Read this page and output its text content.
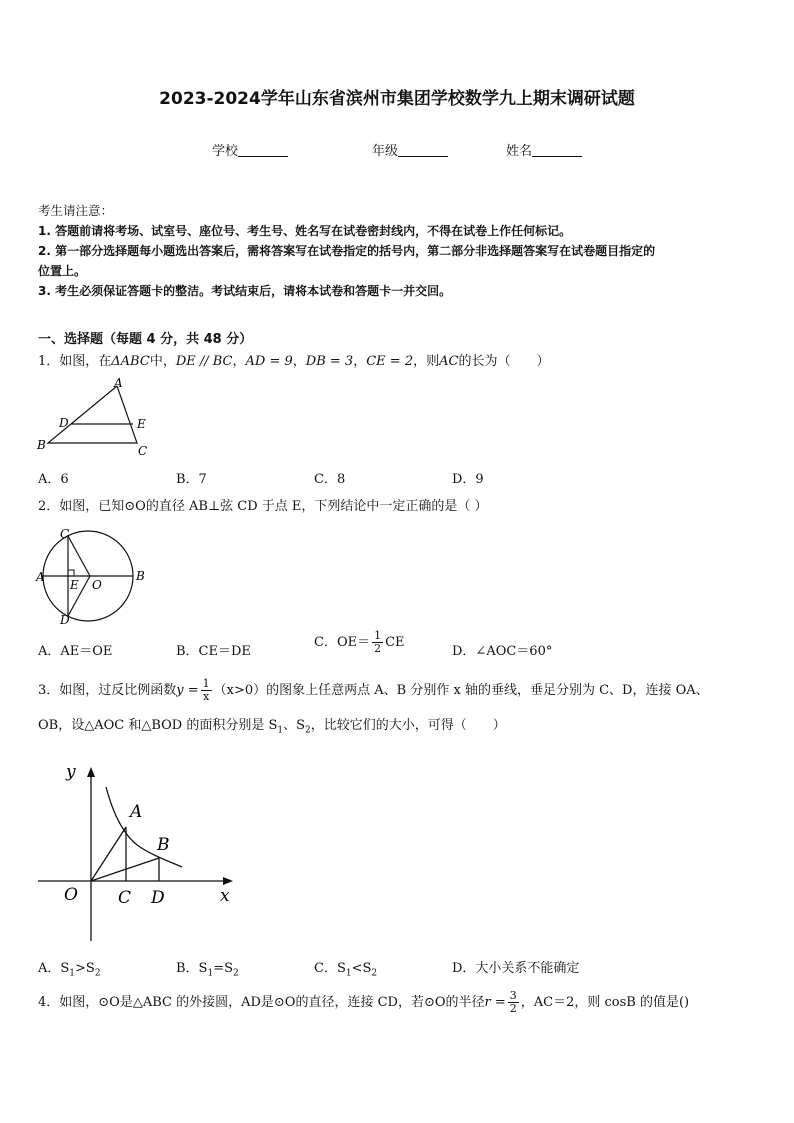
2023-2024学年山东省滨州市集团学校数学九上期末调研试题
学校	年级	姓名
考生请注意：
1. 答题前请将考场、试室号、座位号、考生号、姓名写在试卷密封线内，不得在试卷上作任何标记。
2. 第一部分选择题每小题选出答案后，需将答案写在试卷指定的括号内，第二部分非选择题答案写在试卷题目指定的
位置上。
3. 考生必须保证答题卡的整洁。考试结束后，请将本试卷和答题卡一并交回。
一、选择题（每题 4 分，共 48 分）
1．如图，在ΔABC中，DE // BC，AD = 9，DB = 3，CE = 2，则AC的长为（　　）
A
D	E
B	C
A．6	B．7	C．8	D．9
2．如图，已知⊙O的直径 AB⊥弦 CD 于点 E，下列结论中一定正确的是（ ）
C
A
E O
B
D
A．AE＝OE	B．CE＝DE
C．$OE= \frac{1}{2}$ CE
D．∠AOC＝60°
3．如图，过反比例函数$y = \frac{1}{x} (x>0)$的图象上任意两点 A、B 分别作 x 轴的垂线，垂足分别为 C、D，连接 OA、
OB，设△AOC 和△BOD 的面积分别是 $S_1$、$S_2$，比较它们的大小，可得（　　）
y
A
B
O C D	x
A．$S_1>S_2$	B．$S_1=S_2$	C．$S_1<S_2$	D．大小关系不能确定
4．如图，⊙O是△ABC 的外接圆，AD是⊙O的直径，连接 CD，若⊙O的半径$r = \frac{3}{2}$ ，AC＝2，则 cosB 的值是()
